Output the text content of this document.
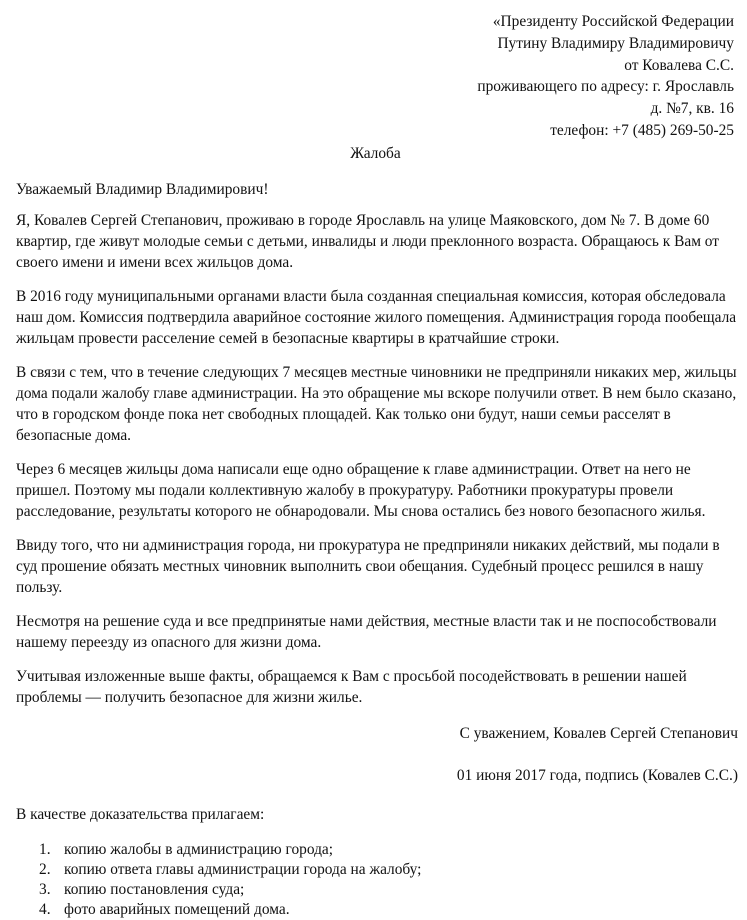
«Президенту Российской Федерации
Путину Владимиру Владимировичу
от Ковалева С.С.
проживающего по адресу: г. Ярославль
д. №7, кв. 16
телефон: +7 (485) 269-50-25
Жалоба

Уважаемый Владимир Владимирович!

Я, Ковалев Сергей Степанович, проживаю в городе Ярославль на улице Маяковского, дом № 7. В доме 60 квартир, где живут молодые семьи с детьми, инвалиды и люди преклонного возраста. Обращаюсь к Вам от своего имени и имени всех жильцов дома.

В 2016 году муниципальными органами власти была созданная специальная комиссия, которая обследовала наш дом. Комиссия подтвердила аварийное состояние жилого помещения. Администрация города пообещала жильцам провести расселение семей в безопасные квартиры в кратчайшие строки.

В связи с тем, что в течение следующих 7 месяцев местные чиновники не предприняли никаких мер, жильцы дома подали жалобу главе администрации. На это обращение мы вскоре получили ответ. В нем было сказано, что в городском фонде пока нет свободных площадей. Как только они будут, наши семьи расселят в безопасные дома.

Через 6 месяцев жильцы дома написали еще одно обращение к главе администрации. Ответ на него не пришел. Поэтому мы подали коллективную жалобу в прокуратуру. Работники прокуратуры провели расследование, результаты которого не обнародовали. Мы снова остались без нового безопасного жилья.

Ввиду того, что ни администрация города, ни прокуратура не предприняли никаких действий, мы подали в суд прошение обязать местных чиновник выполнить свои обещания. Судебный процесс решился в нашу пользу.

Несмотря на решение суда и все предпринятые нами действия, местные власти так и не поспособствовали нашему переезду из опасного для жизни дома.

Учитывая изложенные выше факты, обращаемся к Вам с просьбой посодействовать в решении нашей проблемы — получить безопасное для жизни жилье.

С уважением, Ковалев Сергей Степанович
01 июня 2017 года, подпись (Ковалев С.С.)
В качестве доказательства прилагаем:
1. копию жалобы в администрацию города;
2. копию ответа главы администрации города на жалобу;
3. копию постановления суда;
4. фото аварийных помещений дома.
